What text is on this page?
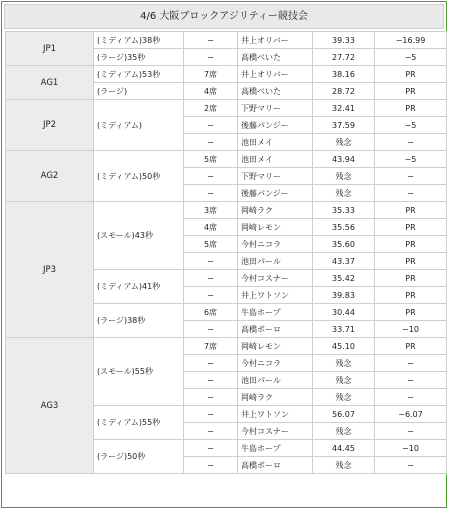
4/6 大阪ブロックアジリティー競技会
JP1	(ミディアム)38秒	−	井上オリバー	39.33	−16.99
	(ラージ)35秒	−	高橋ベいた	27.72	−5
AG1	(ミディアム)53秒	7席	井上オリバー	38.16	PR
	(ラージ)	4席	高橋ベいた	28.72	PR
JP2	(ミディアム)	2席	下野マリー	32.41	PR
		−	後藤パンジー	37.59	−5
		−	池田メイ	残念	−
AG2	(ミディアム)50秒	5席	池田メイ	43.94	−5
		−	下野マリー	残念	−
		−	後藤パンジー	残念	−
JP3	(スモール)43秒	3席	岡崎ラク	35.33	PR
		4席	岡崎レモン	35.56	PR
		5席	今村ニコラ	35.60	PR
		−	池田パール	43.37	PR
	(ミディアム)41秒	−	今村コスナー	35.42	PR
		−	井上ワトソン	39.83	PR
	(ラージ)38秒	6席	牛島ホープ	30.44	PR
		−	高橋ポーロ	33.71	−10
AG3	(スモール)55秒	7席	岡崎レモン	45.10	PR
		−	今村ニコラ	残念	−
		−	池田パール	残念	−
		−	岡崎ラク	残念	−
	(ミディアム)55秒	−	井上ワトソン	56.07	−6.07
		−	今村コスナー	残念	−
	(ラージ)50秒	−	牛島ホープ	44.45	−10
		−	高橋ポーロ	残念	−
